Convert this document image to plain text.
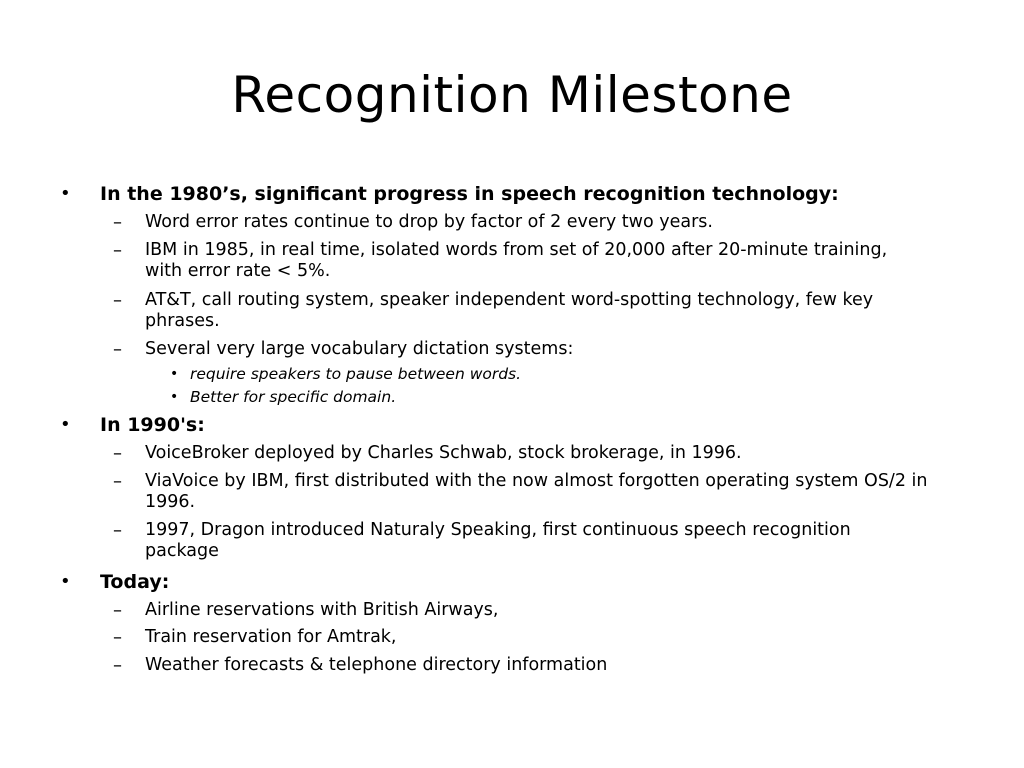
Recognition Milestone
• In the 1980’s, significant progress in speech recognition technology:
– Word error rates continue to drop by factor of 2 every two years.
– IBM in 1985, in real time, isolated words from set of 20,000 after 20-minute training, with error rate < 5%.
– AT&T, call routing system, speaker independent word-spotting technology, few key phrases.
– Several very large vocabulary dictation systems:
• require speakers to pause between words.
• Better for specific domain.
• In 1990's:
– VoiceBroker deployed by Charles Schwab, stock brokerage, in 1996.
– ViaVoice by IBM, first distributed with the now almost forgotten operating system OS/2 in 1996.
– 1997, Dragon introduced Naturaly Speaking, first continuous speech recognition package
• Today:
– Airline reservations with British Airways,
– Train reservation for Amtrak,
– Weather forecasts & telephone directory information
